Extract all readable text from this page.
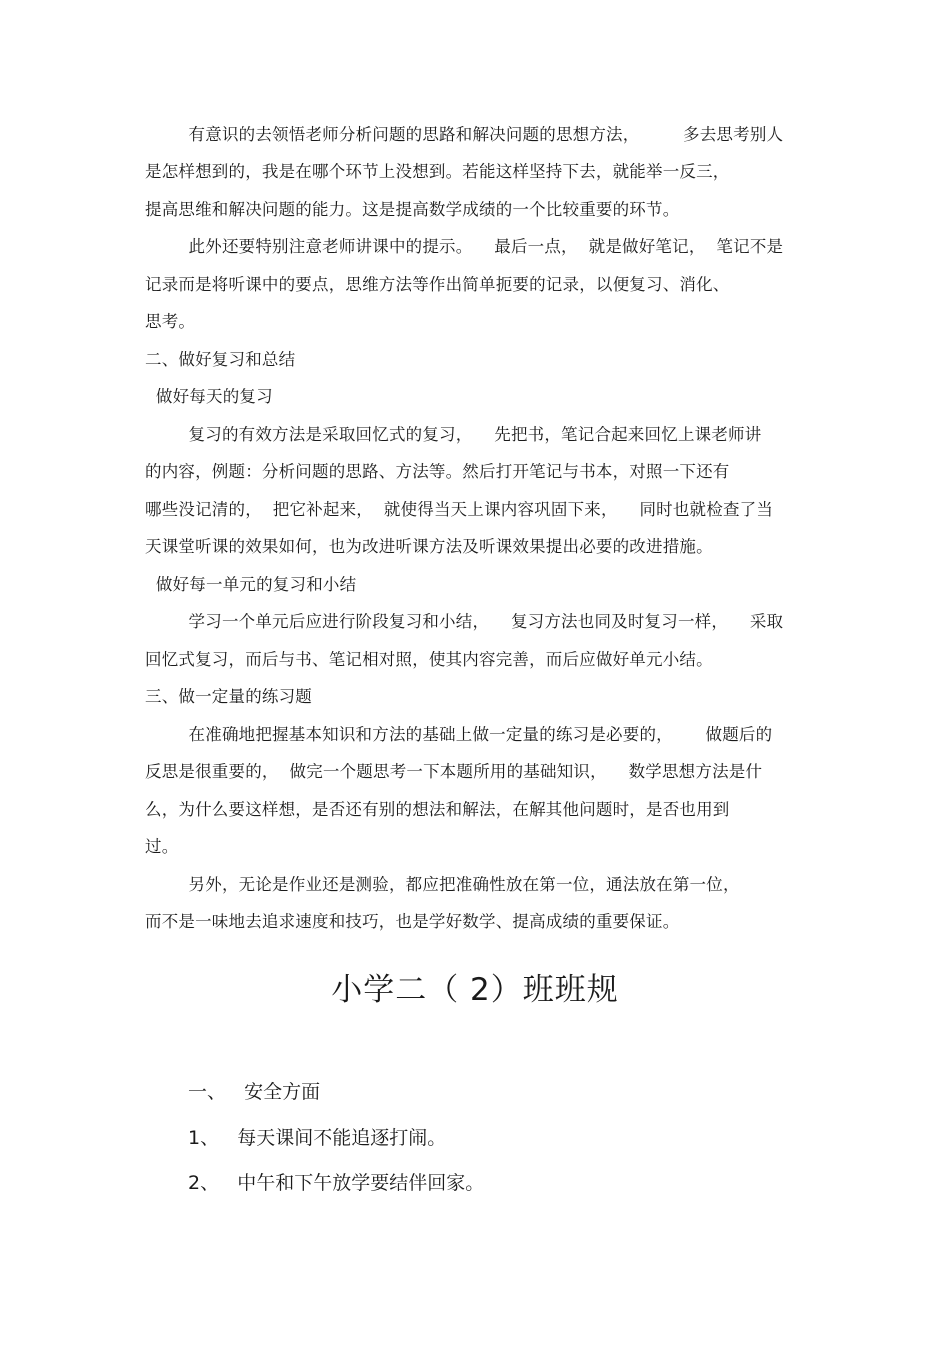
有意识的去领悟老师分析问题的思路和解决问题的思想方法，        多去思考别人
是怎样想到的，我是在哪个环节上没想到。若能这样坚持下去，就能举一反三，
提高思维和解决问题的能力。这是提高数学成绩的一个比较重要的环节。
此外还要特别注意老师讲课中的提示。    最后一点，  就是做好笔记，  笔记不是
记录而是将听课中的要点，思维方法等作出简单扼要的记录，以便复习、消化、
思考。
二、做好复习和总结
做好每天的复习
复习的有效方法是采取回忆式的复习，    先把书，笔记合起来回忆上课老师讲
的内容，例题：分析问题的思路、方法等。然后打开笔记与书本，对照一下还有
哪些没记清的，  把它补起来，  就使得当天上课内容巩固下来，    同时也就检查了当
天课堂听课的效果如何，也为改进听课方法及听课效果提出必要的改进措施。
做好每一单元的复习和小结
学习一个单元后应进行阶段复习和小结，    复习方法也同及时复习一样，    采取
回忆式复习，而后与书、笔记相对照，使其内容完善，而后应做好单元小结。
三、做一定量的练习题
在准确地把握基本知识和方法的基础上做一定量的练习是必要的，      做题后的
反思是很重要的，  做完一个题思考一下本题所用的基础知识，    数学思想方法是什
么，为什么要这样想，是否还有别的想法和解法，在解其他问题时，是否也用到
过。
另外，无论是作业还是测验，都应把准确性放在第一位，通法放在第一位，
而不是一味地去追求速度和技巧，也是学好数学、提高成绩的重要保证。
小学二（ 2）班班规
一、   安全方面
1、   每天课间不能追逐打闹。
2、   中午和下午放学要结伴回家。
